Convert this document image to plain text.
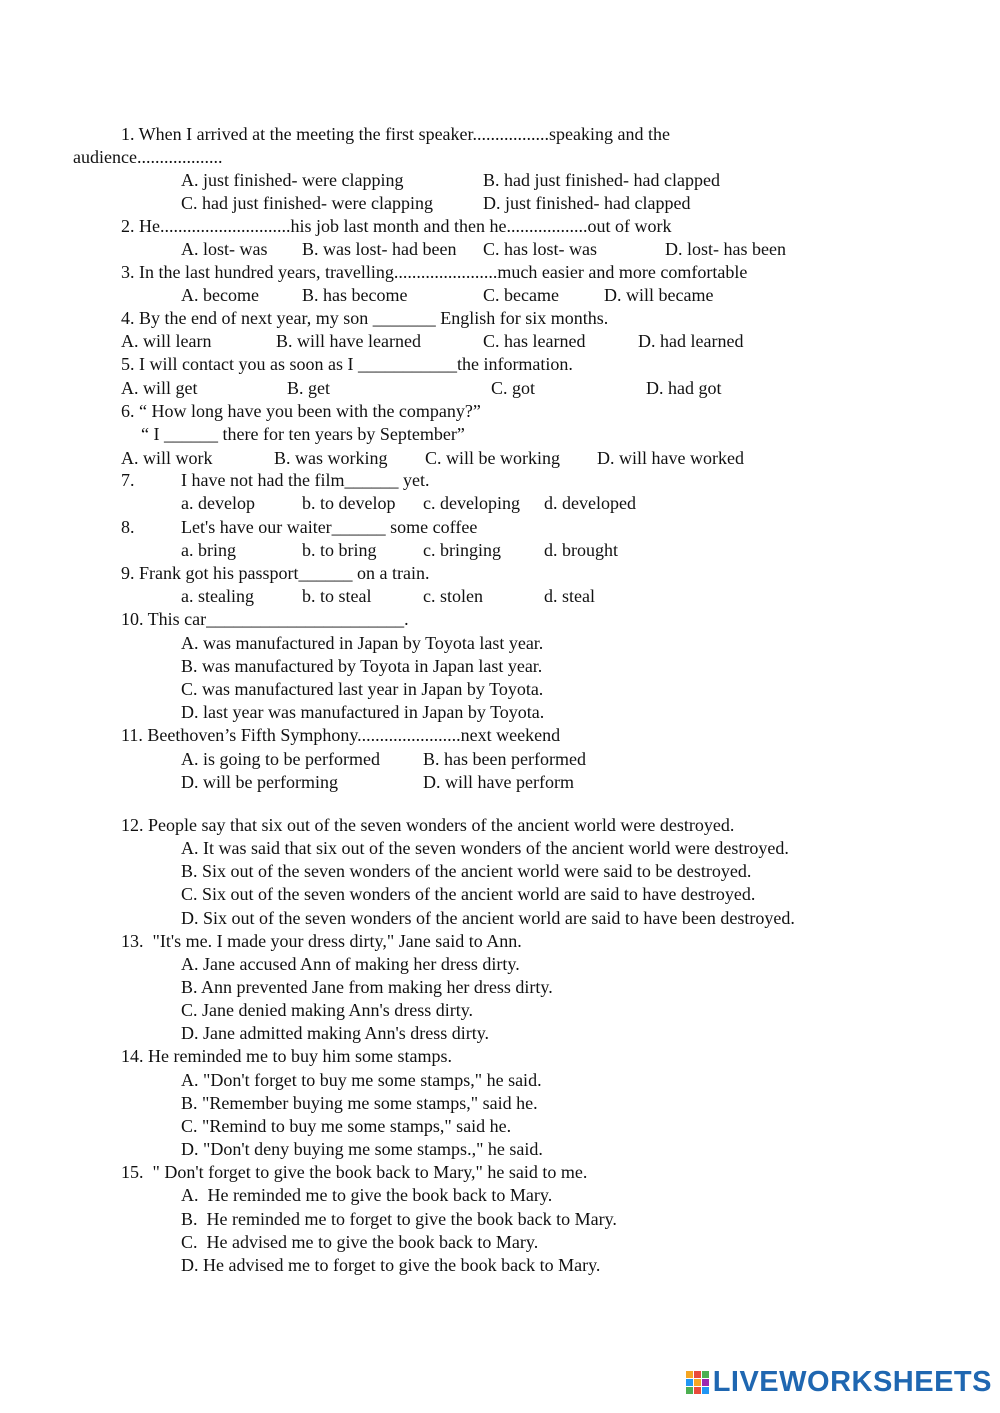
1. When I arrived at the meeting the first speaker.................speaking and the
audience...................
A. just finished- were clapping	B. had just finished- had clapped
C. had just finished- were clapping	D. just finished- had clapped
2. He.............................his job last month and then he..................out of work
A. lost- was B. was lost- had been C. has lost- was	D. lost- has been
3. In the last hundred years, travelling.......................much easier and more comfortable
A. become B. has become	C. became	D. will became
4. By the end of next year, my son _______ English for six months.
A. will learn	B. will have learned	C. has learned	D. had learned
5. I will contact you as soon as I ___________the information.
A. will get	B. get	C. got	D. had got
6. “ How long have you been with the company?”
“ I ______ there for ten years by September”
A. will work	B. was working C. will be working D. will have worked
7.	I have not had the film______ yet.
a. develop	b. to develop c. developing d. developed
8.	Let's have our waiter______ some coffee
a. bring	b. to bring	c. bringing d. brought
9. Frank got his passport______ on a train.
a. stealing	b. to steal	c. stolen	d. steal
10. This car______________________.
A. was manufactured in Japan by Toyota last year.
B. was manufactured by Toyota in Japan last year.
C. was manufactured last year in Japan by Toyota.
D. last year was manufactured in Japan by Toyota.
11. Beethoven’s Fifth Symphony.......................next weekend
A. is going to be performed B. has been performed
D. will be performing	D. will have perform
12. People say that six out of the seven wonders of the ancient world were destroyed.
A. It was said that six out of the seven wonders of the ancient world were destroyed.
B. Six out of the seven wonders of the ancient world were said to be destroyed.
C. Six out of the seven wonders of the ancient world are said to have destroyed.
D. Six out of the seven wonders of the ancient world are said to have been destroyed.
13.  "It's me. I made your dress dirty," Jane said to Ann.
A. Jane accused Ann of making her dress dirty.
B. Ann prevented Jane from making her dress dirty.
C. Jane denied making Ann's dress dirty.
D. Jane admitted making Ann's dress dirty.
14. He reminded me to buy him some stamps.
A. "Don't forget to buy me some stamps," he said.
B. "Remember buying me some stamps," said he.
C. "Remind to buy me some stamps," said he.
D. "Don't deny buying me some stamps.," he said.
15.  " Don't forget to give the book back to Mary," he said to me.
A.  He reminded me to give the book back to Mary.
B.  He reminded me to forget to give the book back to Mary.
C.  He advised me to give the book back to Mary.
D. He advised me to forget to give the book back to Mary.
LIVEWORKSHEETS
